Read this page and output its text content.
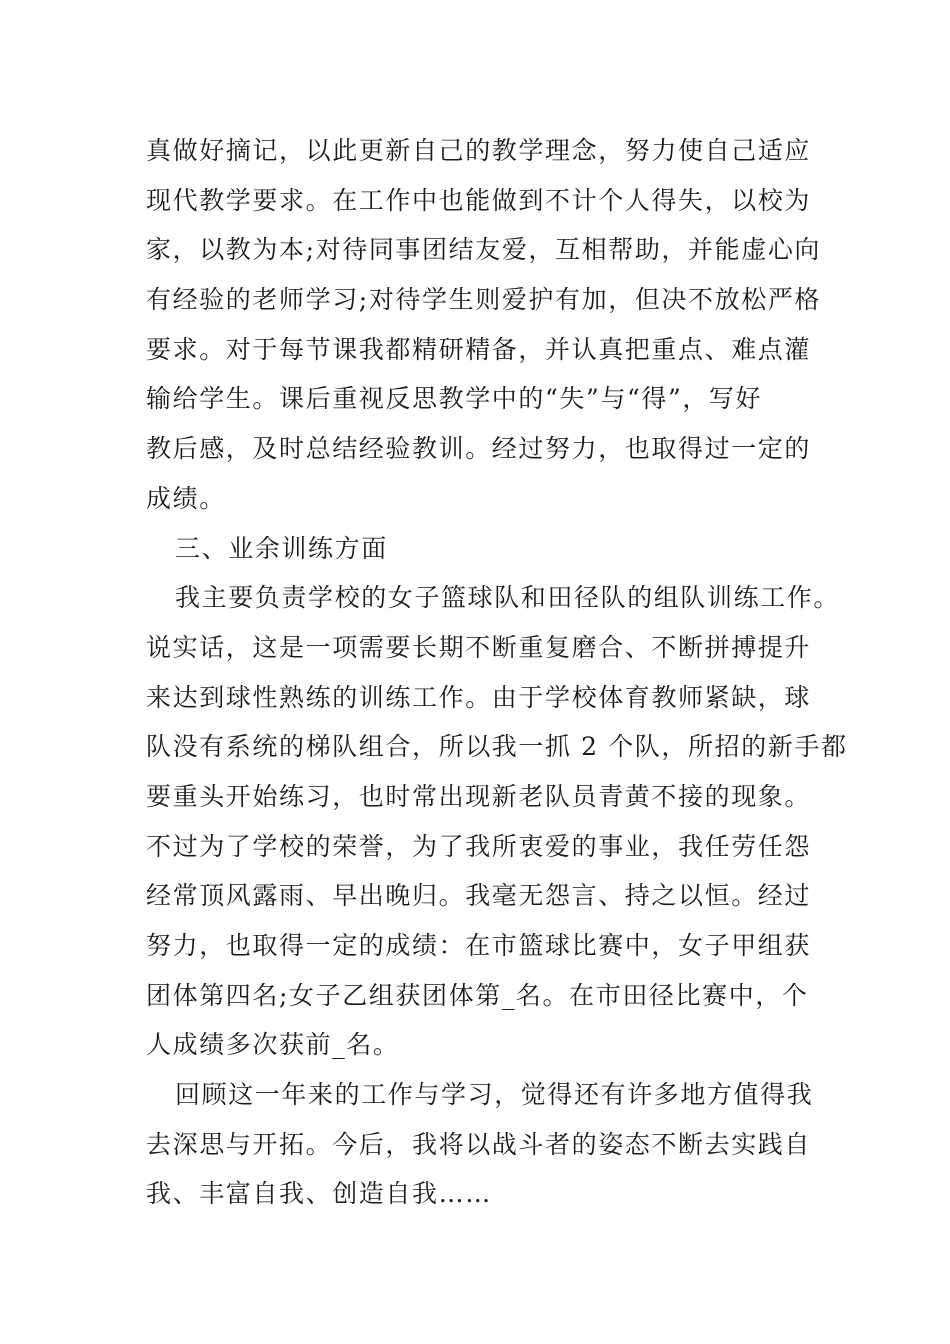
真做好摘记，以此更新自己的教学理念，努力使自己适应
现代教学要求。在工作中也能做到不计个人得失，以校为
家，以教为本;对待同事团结友爱，互相帮助，并能虚心向
有经验的老师学习;对待学生则爱护有加，但决不放松严格
要求。对于每节课我都精研精备，并认真把重点、难点灌
输给学生。课后重视反思教学中的“失”与“得”，写好
教后感，及时总结经验教训。经过努力，也取得过一定的
成绩。
三、业余训练方面
我主要负责学校的女子篮球队和田径队的组队训练工作。
说实话，这是一项需要长期不断重复磨合、不断拼搏提升
来达到球性熟练的训练工作。由于学校体育教师紧缺，球
队没有系统的梯队组合，所以我一抓 2 个队，所招的新手都
要重头开始练习，也时常出现新老队员青黄不接的现象。
不过为了学校的荣誉，为了我所衷爱的事业，我任劳任怨
经常顶风露雨、早出晚归。我毫无怨言、持之以恒。经过
努力，也取得一定的成绩：在市篮球比赛中，女子甲组获
团体第四名;女子乙组获团体第_名。在市田径比赛中，个
人成绩多次获前_名。
回顾这一年来的工作与学习，觉得还有许多地方值得我
去深思与开拓。今后，我将以战斗者的姿态不断去实践自
我、丰富自我、创造自我……
